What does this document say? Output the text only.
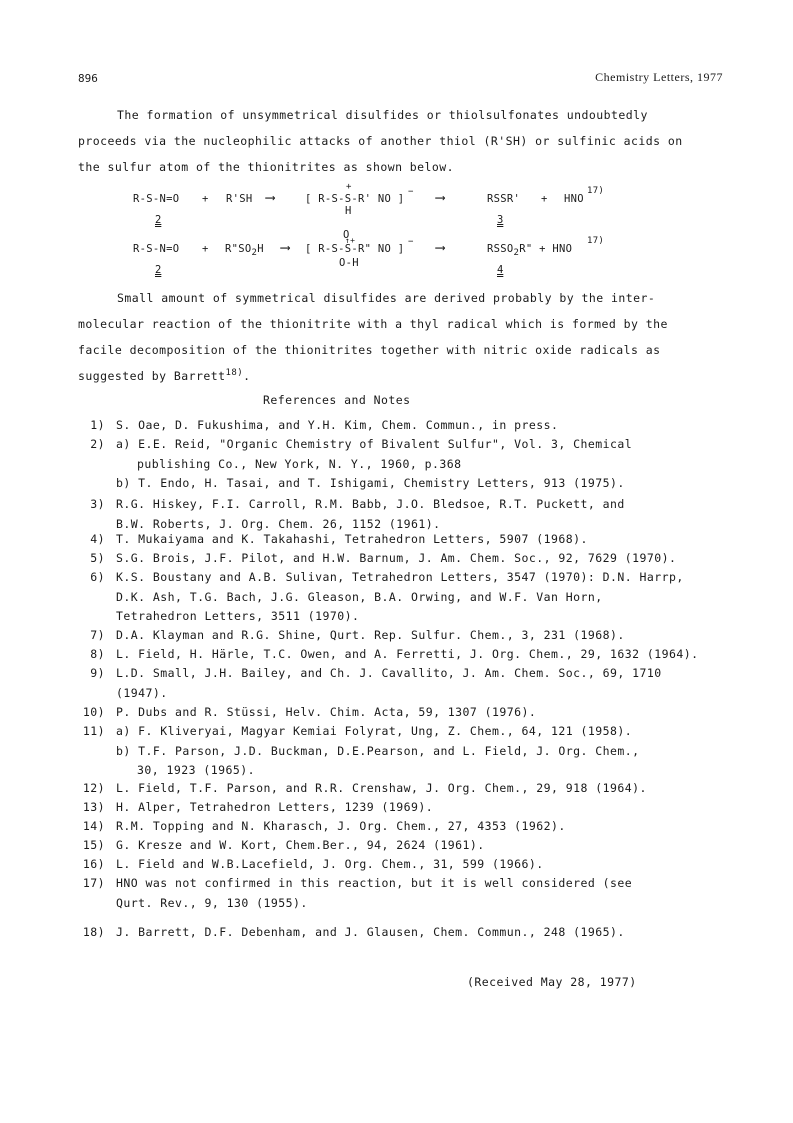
896	Chemistry Letters, 1977
The formation of unsymmetrical disulfides or thiolsulfonates undoubtedly
proceeds via the nucleophilic attacks of another thiol (R'SH) or sulfinic acids on
the sulfur atom of the thionitrites as shown below.
R-S-N=O + R'SH ⟶
+
[ R-S-S-R' NO ]
−
H
⟶	RSSR' + HNO
17)
2	3
O
↑+
R-S-N=O + R"SO2H ⟶ [ R-S-S-R" NO ]
−
O-H
⟶	RSSO2R" + HNO
17)
2	4
Small amount of symmetrical disulfides are derived probably by the inter-
molecular reaction of the thionitrite with a thyl radical which is formed by the
facile decomposition of the thionitrites together with nitric oxide radicals as
suggested by Barrett$^{18)}$.
References and Notes
1) S. Oae, D. Fukushima, and Y.H. Kim, Chem. Commun., in press.
2) a) E.E. Reid, "Organic Chemistry of Bivalent Sulfur", Vol. 3, Chemical
publishing Co., New York, N. Y., 1960, p.368
b) T. Endo, H. Tasai, and T. Ishigami, Chemistry Letters, 913 (1975).
3) R.G. Hiskey, F.I. Carroll, R.M. Babb, J.O. Bledsoe, R.T. Puckett, and
B.W. Roberts, J. Org. Chem. 26, 1152 (1961).
4) T. Mukaiyama and K. Takahashi, Tetrahedron Letters, 5907 (1968).
5) S.G. Brois, J.F. Pilot, and H.W. Barnum, J. Am. Chem. Soc., 92, 7629 (1970).
6) K.S. Boustany and A.B. Sulivan, Tetrahedron Letters, 3547 (1970): D.N. Harrp,
D.K. Ash, T.G. Bach, J.G. Gleason, B.A. Orwing, and W.F. Van Horn,
Tetrahedron Letters, 3511 (1970).
7) D.A. Klayman and R.G. Shine, Qurt. Rep. Sulfur. Chem., 3, 231 (1968).
8) L. Field, H. Härle, T.C. Owen, and A. Ferretti, J. Org. Chem., 29, 1632 (1964).
9) L.D. Small, J.H. Bailey, and Ch. J. Cavallito, J. Am. Chem. Soc., 69, 1710
(1947).
10) P. Dubs and R. Stüssi, Helv. Chim. Acta, 59, 1307 (1976).
11) a) F. Kliveryai, Magyar Kemiai Folyrat, Ung, Z. Chem., 64, 121 (1958).
b) T.F. Parson, J.D. Buckman, D.E.Pearson, and L. Field, J. Org. Chem.,
30, 1923 (1965).
12) L. Field, T.F. Parson, and R.R. Crenshaw, J. Org. Chem., 29, 918 (1964).
13) H. Alper, Tetrahedron Letters, 1239 (1969).
14) R.M. Topping and N. Kharasch, J. Org. Chem., 27, 4353 (1962).
15) G. Kresze and W. Kort, Chem.Ber., 94, 2624 (1961).
16) L. Field and W.B.Lacefield, J. Org. Chem., 31, 599 (1966).
17) HNO was not confirmed in this reaction, but it is well considered (see
Qurt. Rev., 9, 130 (1955).
18) J. Barrett, D.F. Debenham, and J. Glausen, Chem. Commun., 248 (1965).
(Received May 28, 1977)
